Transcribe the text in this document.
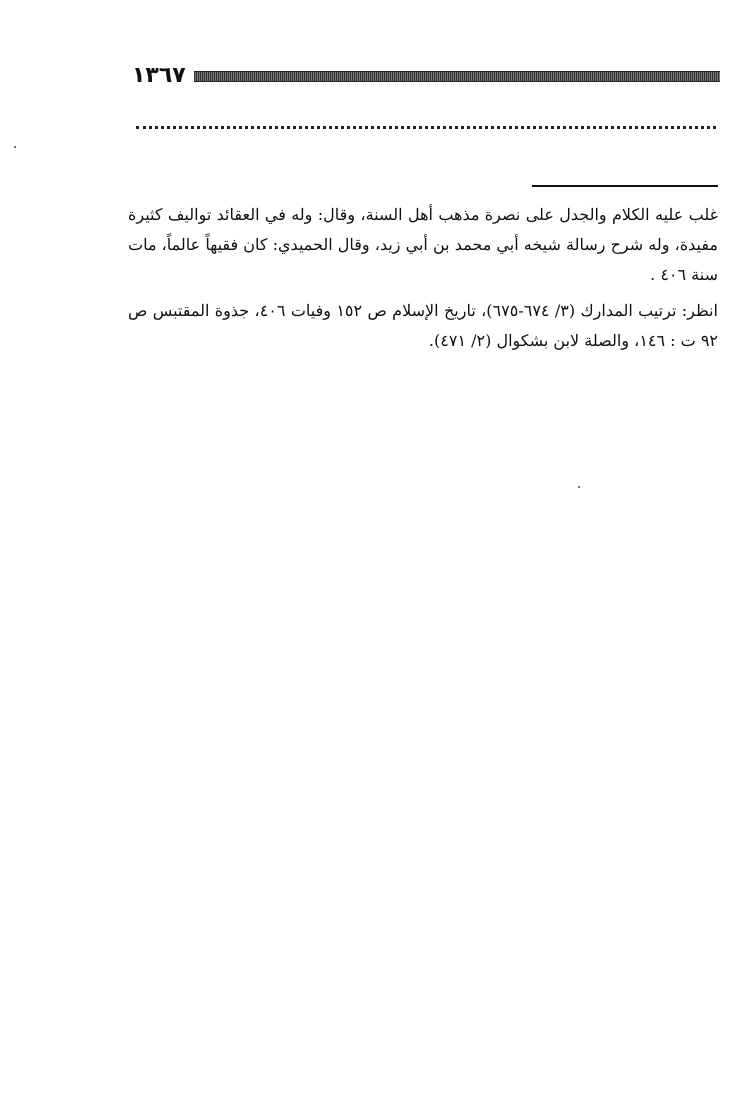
١٣٦٧

غلب عليه الكلام والجدل على نصرة مذهب أهل السنة، وقال: وله في العقائد تواليف كثيرة مفيدة، وله شرح رسالة شيخه أبي محمد بن أبي زيد، وقال الحميدي: كان فقيهاً عالماً، مات سنة ٤٠٦ .

انظر: ترتيب المدارك (٣/ ٦٧٤-٦٧٥)، تاريخ الإسلام ص ١٥٢ وفيات ٤٠٦، جذوة المقتبس ص ٩٢ ت : ١٤٦، والصلة لابن بشكوال (٢/ ٤٧١).
